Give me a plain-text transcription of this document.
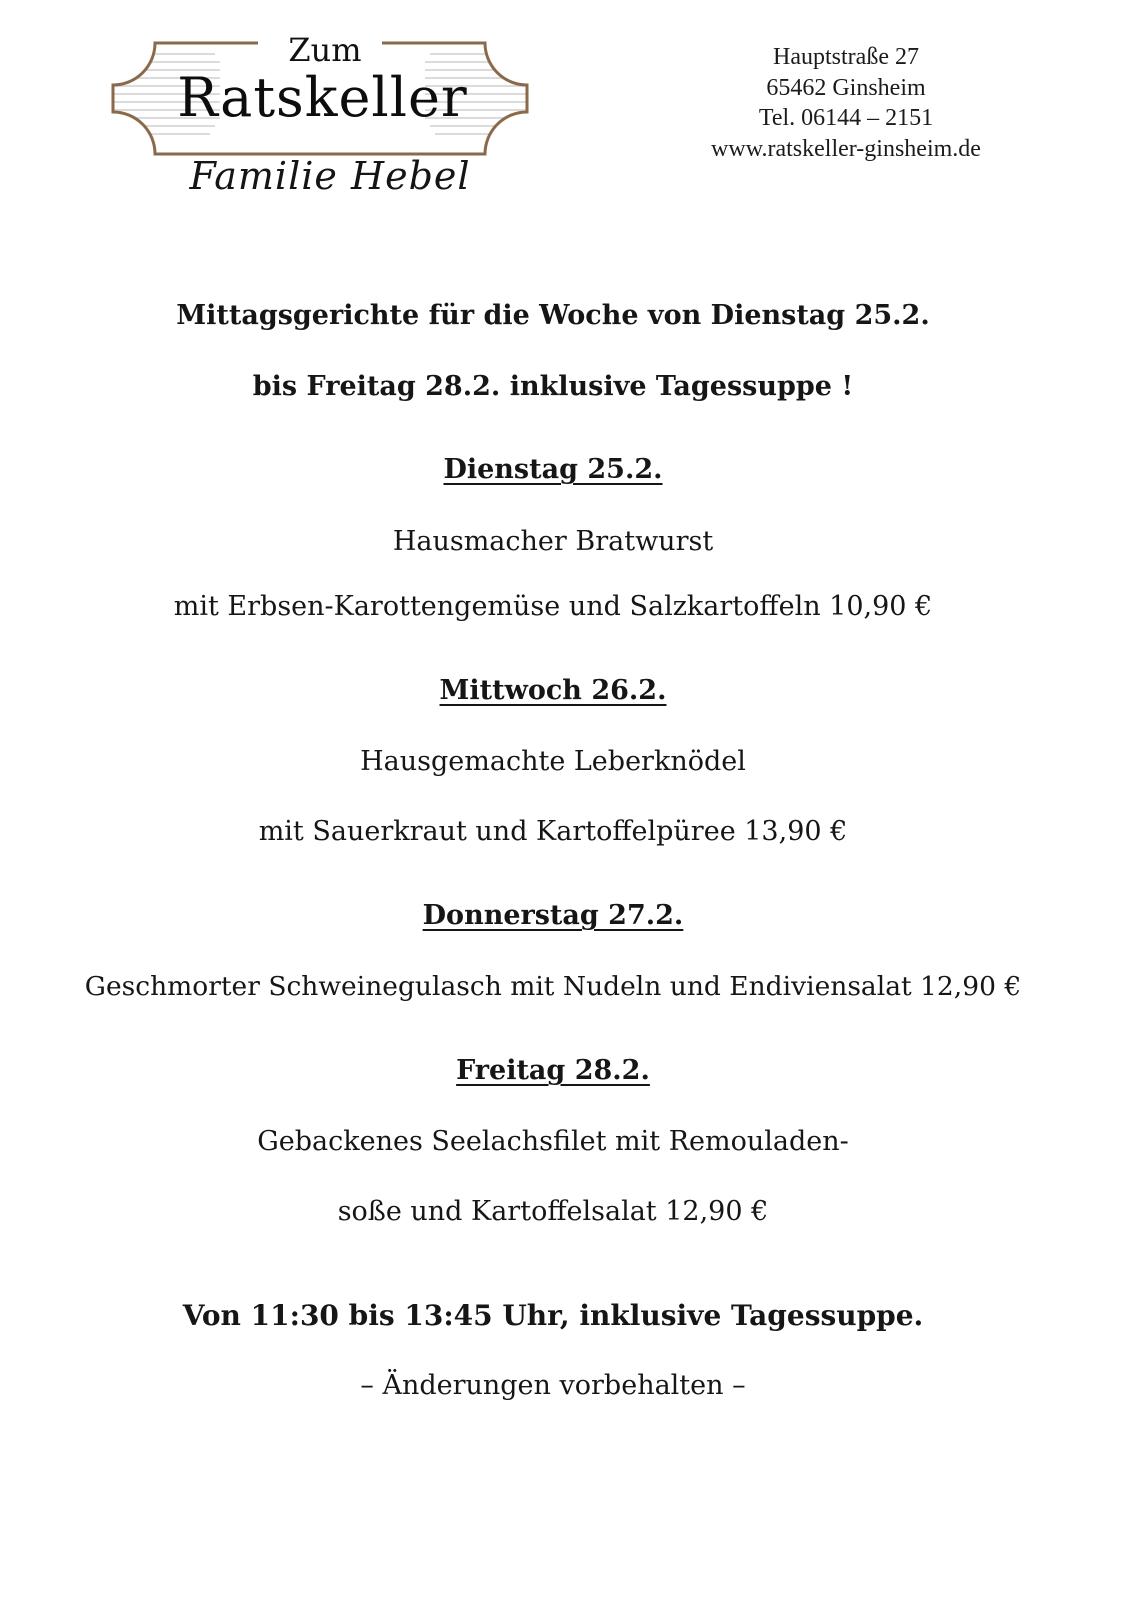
Zum
Ratskeller
Familie Hebel
Hauptstraße 27
65462 Ginsheim
Tel. 06144 – 2151
www.ratskeller-ginsheim.de
Mittagsgerichte für die Woche von Dienstag 25.2.
bis Freitag 28.2. inklusive Tagessuppe !
Dienstag 25.2.
Hausmacher Bratwurst
mit Erbsen-Karottengemüse und Salzkartoffeln 10,90 €
Mittwoch 26.2.
Hausgemachte Leberknödel
mit Sauerkraut und Kartoffelpüree 13,90 €
Donnerstag 27.2.
Geschmorter Schweinegulasch mit Nudeln und Endiviensalat 12,90 €
Freitag 28.2.
Gebackenes Seelachsfilet mit Remouladen-
soße und Kartoffelsalat 12,90 €
Von 11:30 bis 13:45 Uhr, inklusive Tagessuppe.
– Änderungen vorbehalten –
